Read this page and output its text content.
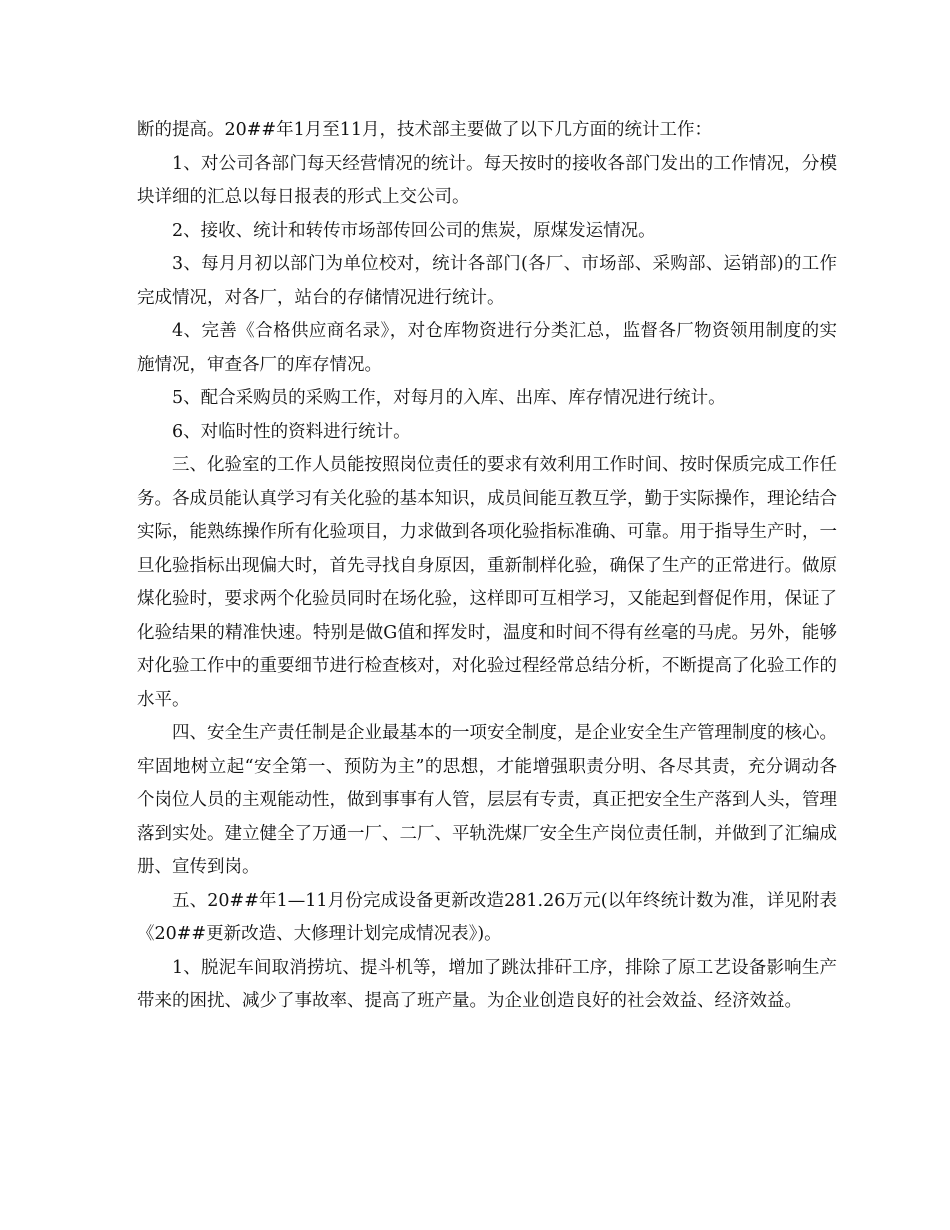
断的提高。20##年1月至11月，技术部主要做了以下几方面的统计工作：

1、对公司各部门每天经营情况的统计。每天按时的接收各部门发出的工作情况，分模块详细的汇总以每日报表的形式上交公司。

2、接收、统计和转传市场部传回公司的焦炭，原煤发运情况。

3、每月月初以部门为单位校对，统计各部门(各厂、市场部、采购部、运销部)的工作完成情况，对各厂，站台的存储情况进行统计。

4、完善《合格供应商名录》，对仓库物资进行分类汇总，监督各厂物资领用制度的实施情况，审查各厂的库存情况。

5、配合采购员的采购工作，对每月的入库、出库、库存情况进行统计。

6、对临时性的资料进行统计。

三、化验室的工作人员能按照岗位责任的要求有效利用工作时间、按时保质完成工作任务。各成员能认真学习有关化验的基本知识，成员间能互教互学，勤于实际操作，理论结合实际，能熟练操作所有化验项目，力求做到各项化验指标准确、可靠。用于指导生产时，一旦化验指标出现偏大时，首先寻找自身原因，重新制样化验，确保了生产的正常进行。做原煤化验时，要求两个化验员同时在场化验，这样即可互相学习，又能起到督促作用，保证了化验结果的精准快速。特别是做G值和挥发时，温度和时间不得有丝毫的马虎。另外，能够对化验工作中的重要细节进行检查核对，对化验过程经常总结分析，不断提高了化验工作的水平。

四、安全生产责任制是企业最基本的一项安全制度，是企业安全生产管理制度的核心。牢固地树立起“安全第一、预防为主”的思想，才能增强职责分明、各尽其责，充分调动各个岗位人员的主观能动性，做到事事有人管，层层有专责，真正把安全生产落到人头，管理落到实处。建立健全了万通一厂、二厂、平轨洗煤厂安全生产岗位责任制，并做到了汇编成册、宣传到岗。

五、20##年1—11月份完成设备更新改造281.26万元(以年终统计数为准，详见附表《20##更新改造、大修理计划完成情况表》)。

1、脱泥车间取消捞坑、提斗机等，增加了跳汰排矸工序，排除了原工艺设备影响生产带来的困扰、减少了事故率、提高了班产量。为企业创造良好的社会效益、经济效益。
